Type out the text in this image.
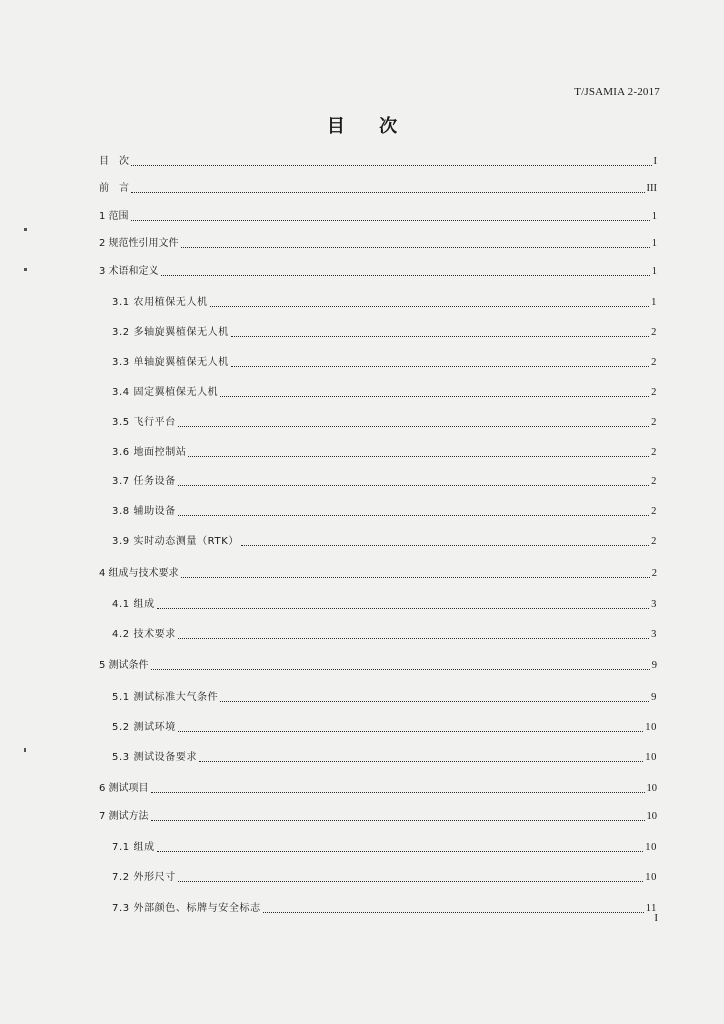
T/JSAMIA 2-2017
目 次
目　次	I
前　言	III
1 范围	1
2 规范性引用文件	1
3 术语和定义	1
3.1 农用植保无人机	1
3.2 多轴旋翼植保无人机	2
3.3 单轴旋翼植保无人机	2
3.4 固定翼植保无人机	2
3.5 飞行平台	2
3.6 地面控制站	2
3.7 任务设备	2
3.8 辅助设备	2
3.9 实时动态测量（RTK）	2
4 组成与技术要求	2
4.1 组成	3
4.2 技术要求	3
5 测试条件	9
5.1 测试标准大气条件	9
5.2 测试环境	10
5.3 测试设备要求	10
6 测试项目	10
7 测试方法	10
7.1 组成	10
7.2 外形尺寸	10
7.3 外部颜色、标牌与安全标志	11
I
